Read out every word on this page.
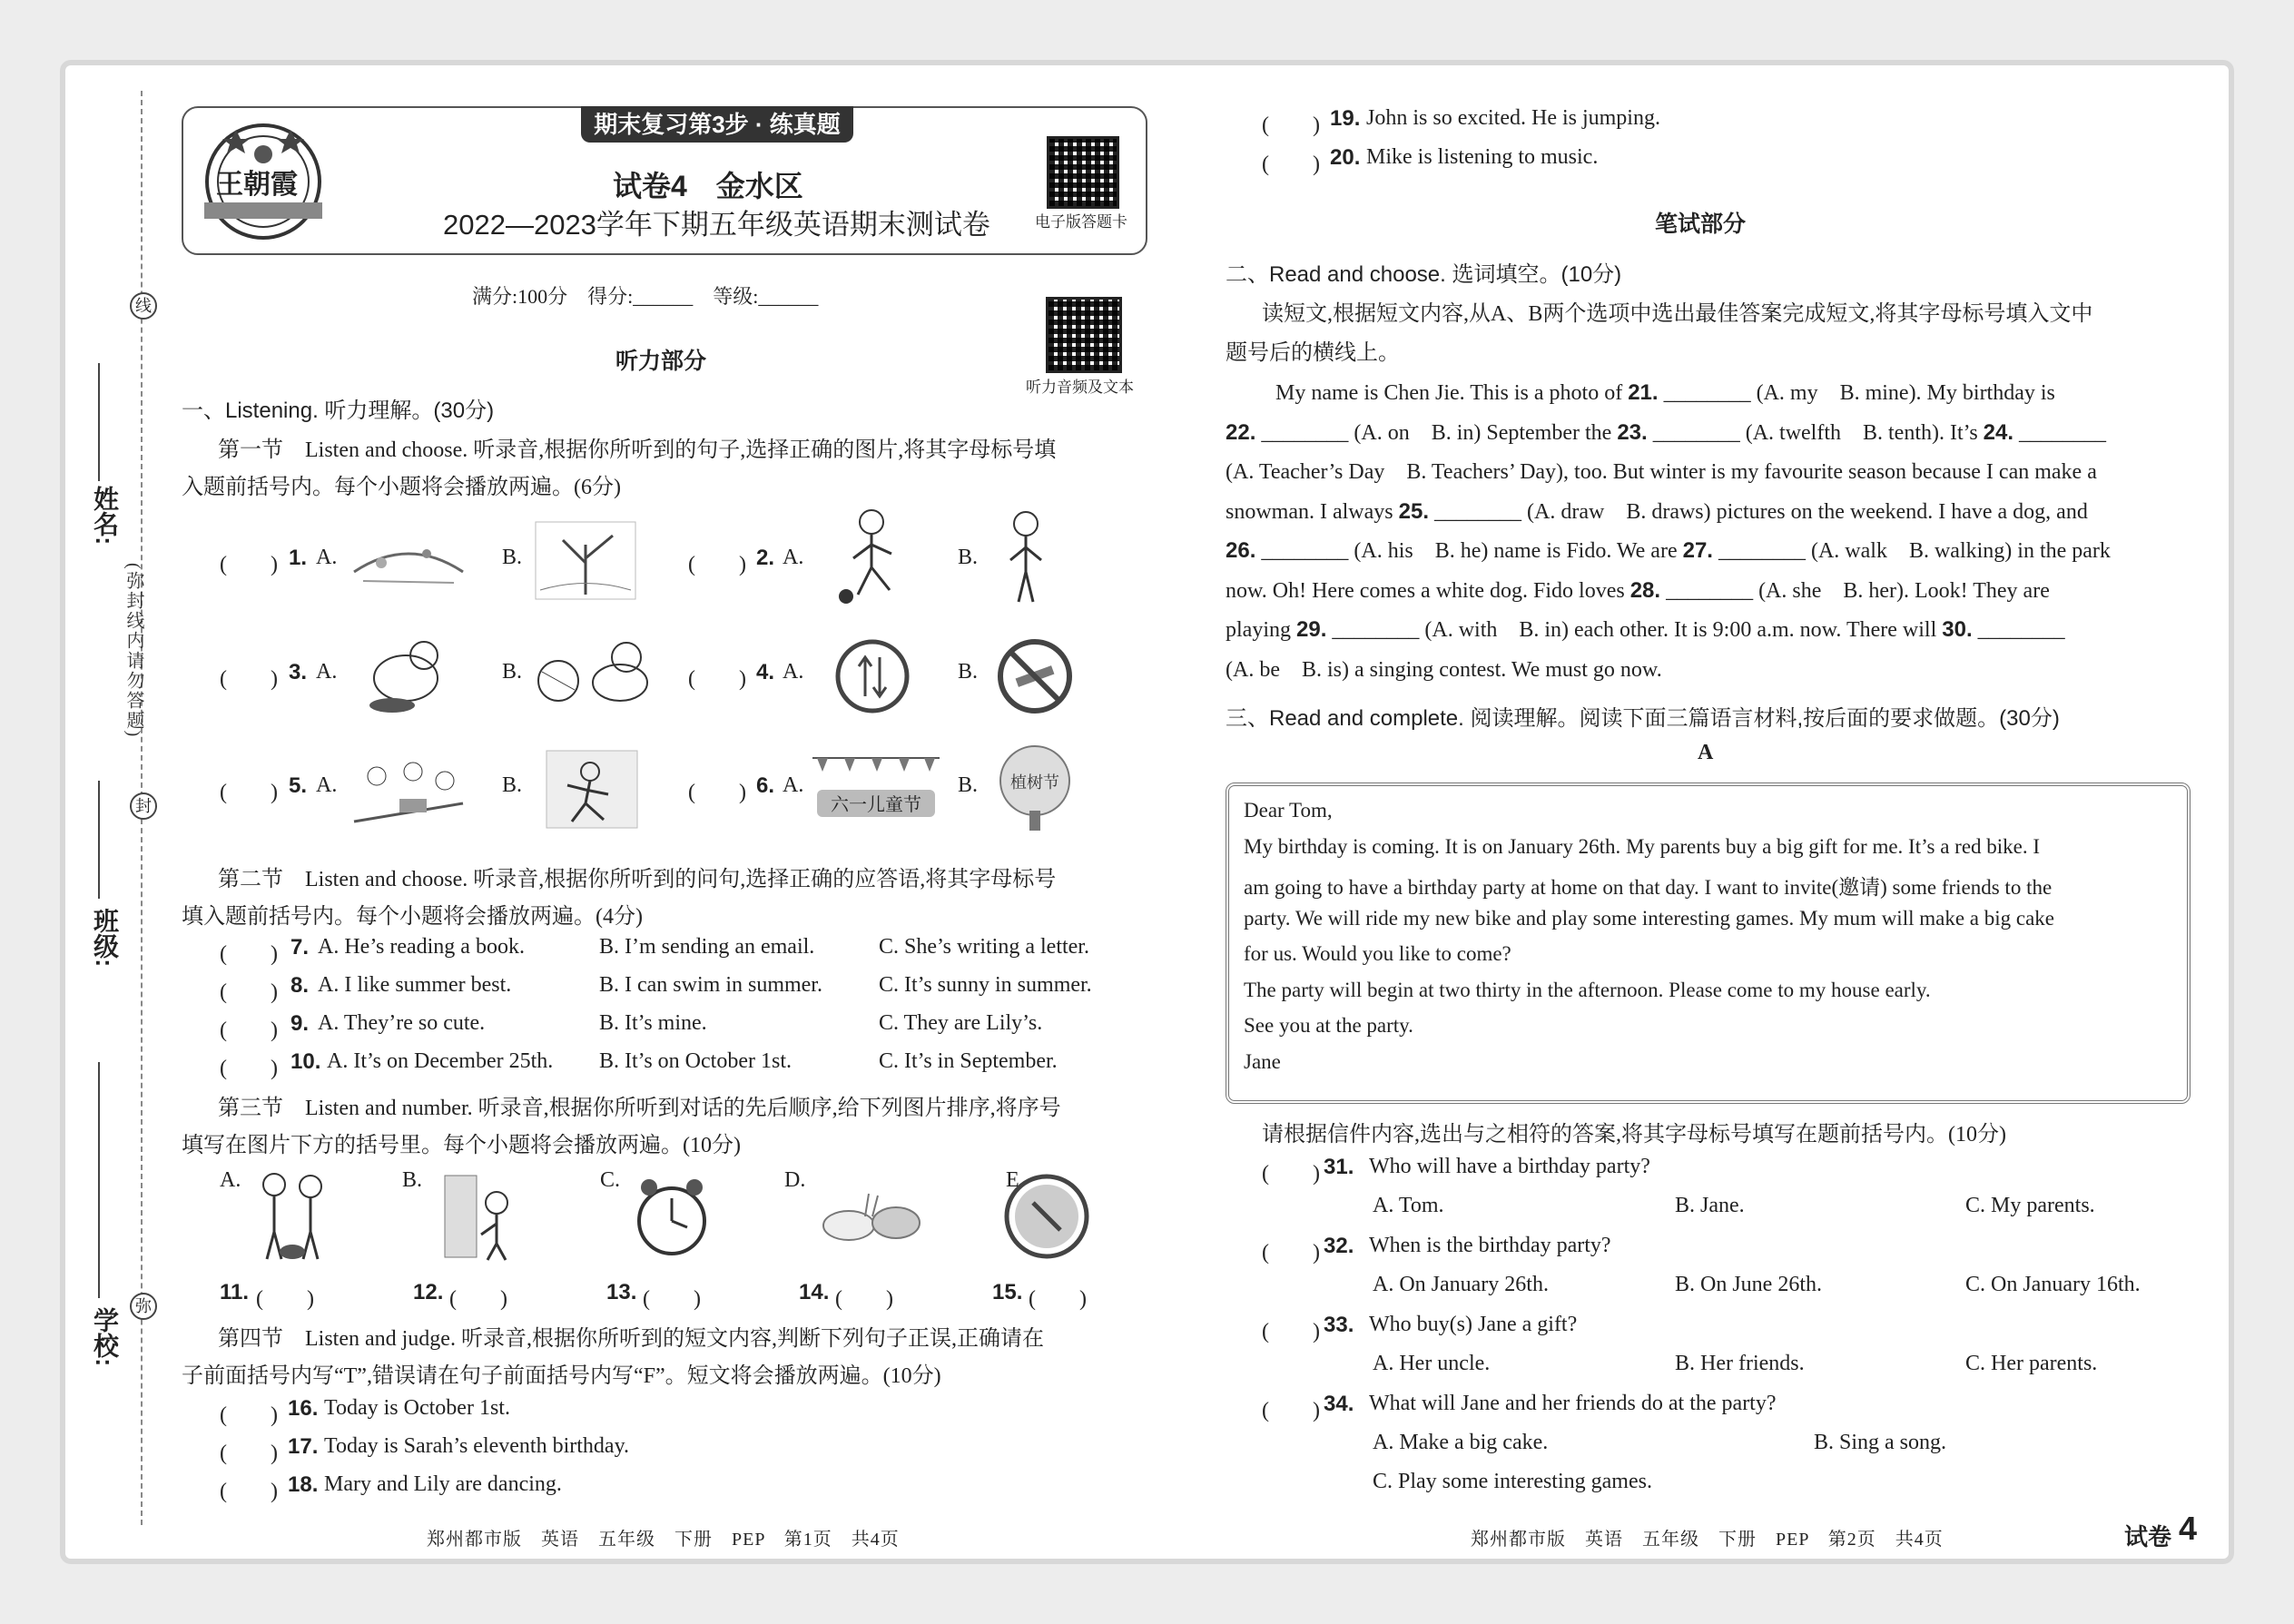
姓名:
班级:
学校:
(弥封线内请勿答题)
线
封
弥
期末复习第3步 · 练真题
王朝霞	试卷4　金水区
2022—2023学年下期五年级英语期末测试卷	电子版答题卡
满分:100分　得分:______　等级:______
听力音频及文本
听力部分
一、Listening. 听力理解。(30分)
第一节　Listen and choose. 听录音,根据你所听到的句子,选择正确的图片,将其字母标号填
入题前括号内。每个小题将会播放两遍。(6分)
(　　) 1. A.	B.	(　　) 2. A.	B.
(　　) 3. A.	B.	(　　) 4. A.	B.
(　　) 5. A.	B.	(　　) 6. A.
六一儿童节
B. 植树节
第二节　Listen and choose. 听录音,根据你所听到的问句,选择正确的应答语,将其字母标号
填入题前括号内。每个小题将会播放两遍。(4分)
(　　) 7. A. He’s reading a book.	B. I’m sending an email.	C. She’s writing a letter.
(　　) 8. A. I like summer best.	B. I can swim in summer.	C. It’s sunny in summer.
(　　) 9. A. They’re so cute.	B. It’s mine.	C. They are Lily’s.
(　　) 10. A. It’s on December 25th. B. It’s on October 1st.	C. It’s in September.
第三节　Listen and number. 听录音,根据你所听到对话的先后顺序,给下列图片排序,将序号
填写在图片下方的括号里。每个小题将会播放两遍。(10分)
A.	B.	C.	D.	E.
11. (　　)	12. (　　)	13. (　　)	14. (　　)	15. (　　)
第四节　Listen and judge. 听录音,根据你所听到的短文内容,判断下列句子正误,正确请在
子前面括号内写“T”,错误请在句子前面括号内写“F”。短文将会播放两遍。(10分)
(　　) 16. Today is October 1st.
(　　) 17. Today is Sarah’s eleventh birthday.
(　　) 18. Mary and Lily are dancing.
(　　) 19. John is so excited. He is jumping.
(　　) 20. Mike is listening to music.
笔试部分
二、Read and choose. 选词填空。(10分)
读短文,根据短文内容,从A、B两个选项中选出最佳答案完成短文,将其字母标号填入文中
题号后的横线上。
My name is Chen Jie. This is a photo of 21. ________ (A. my　B. mine). My birthday is
22. ________ (A. on　B. in) September the 23. ________ (A. twelfth　B. tenth). It’s 24. ________
(A. Teacher’s Day　B. Teachers’ Day), too. But winter is my favourite season because I can make a
snowman. I always 25. ________ (A. draw　B. draws) pictures on the weekend. I have a dog, and
26. ________ (A. his　B. he) name is Fido. We are 27. ________ (A. walk　B. walking) in the park
now. Oh! Here comes a white dog. Fido loves 28. ________ (A. she　B. her). Look! They are
playing 29. ________ (A. with　B. in) each other. It is 9:00 a.m. now. There will 30. ________
(A. be　B. is) a singing contest. We must go now.
三、Read and complete. 阅读理解。阅读下面三篇语言材料,按后面的要求做题。(30分)
A
Dear Tom,
My birthday is coming. It is on January 26th. My parents buy a big gift for me. It’s a red bike. I
am going to have a birthday party at home on that day. I want to invite(邀请) some friends to the
party. We will ride my new bike and play some interesting games. My mum will make a big cake
for us. Would you like to come?
The party will begin at two thirty in the afternoon. Please come to my house early.
See you at the party.
Jane
请根据信件内容,选出与之相符的答案,将其字母标号填写在题前括号内。(10分)
(　　) 31. Who will have a birthday party?
A. Tom.	B. Jane.	C. My parents.
(　　) 32. When is the birthday party?
A. On January 26th.	B. On June 26th.	C. On January 16th.
(　　) 33. Who buy(s) Jane a gift?
A. Her uncle.	B. Her friends.	C. Her parents.
(　　) 34. What will Jane and her friends do at the party?
A. Make a big cake.	B. Sing a song.
C. Play some interesting games.
郑州都市版　英语　五年级　下册　PEP　第1页　共4页	郑州都市版　英语　五年级　下册　PEP　第2页　共4页	试卷 4
